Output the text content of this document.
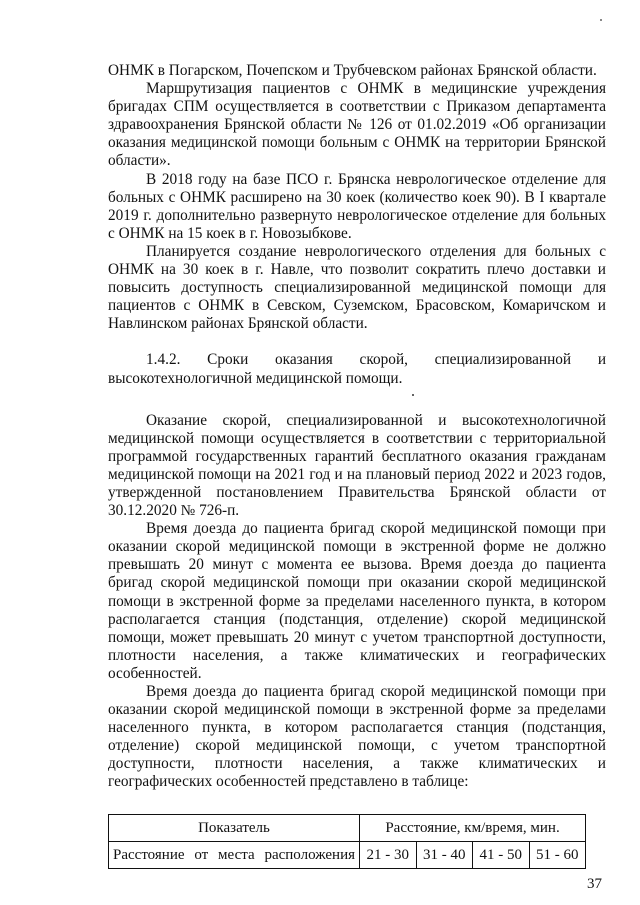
ОНМК в Погарском, Почепском и Трубчевском районах Брянской области.

Маршрутизация пациентов с ОНМК в медицинские учреждения бригадах СПМ осуществляется в соответствии с Приказом департамента здравоохранения Брянской области № 126 от 01.02.2019 «Об организации оказания медицинской помощи больным с ОНМК на территории Брянской области».

В 2018 году на базе ПСО г. Брянска неврологическое отделение для больных с ОНМК расширено на 30 коек (количество коек 90). В I квартале 2019 г. дополнительно развернуто неврологическое отделение для больных с ОНМК на 15 коек в г. Новозыбкове.

Планируется создание неврологического отделения для больных с ОНМК на 30 коек в г. Навле, что позволит сократить плечо доставки и повысить доступность специализированной медицинской помощи для пациентов с ОНМК в Севском, Суземском, Брасовском, Комаричском и Навлинском районах Брянской области.

1.4.2. Сроки оказания скорой, специализированной и высокотехнологичной медицинской помощи.

Оказание скорой, специализированной и высокотехнологичной медицинской помощи осуществляется в соответствии с территориальной программой государственных гарантий бесплатного оказания гражданам медицинской помощи на 2021 год и на плановый период 2022 и 2023 годов, утвержденной постановлением Правительства Брянской области от 30.12.2020 № 726-п.

Время доезда до пациента бригад скорой медицинской помощи при оказании скорой медицинской помощи в экстренной форме не должно превышать 20 минут с момента ее вызова. Время доезда до пациента бригад скорой медицинской помощи при оказании скорой медицинской помощи в экстренной форме за пределами населенного пункта, в котором располагается станция (подстанция, отделение) скорой медицинской помощи, может превышать 20 минут с учетом транспортной доступности, плотности населения, а также климатических и географических особенностей.

Время доезда до пациента бригад скорой медицинской помощи при оказании скорой медицинской помощи в экстренной форме за пределами населенного пункта, в котором располагается станция (подстанция, отделение) скорой медицинской помощи, с учетом транспортной доступности, плотности населения, а также климатических и географических особенностей представлено в таблице:

Показатель	Расстояние, км/время, мин.			
Расстояние от места расположения	21 - 30	31 - 40	41 - 50	51 - 60
37
